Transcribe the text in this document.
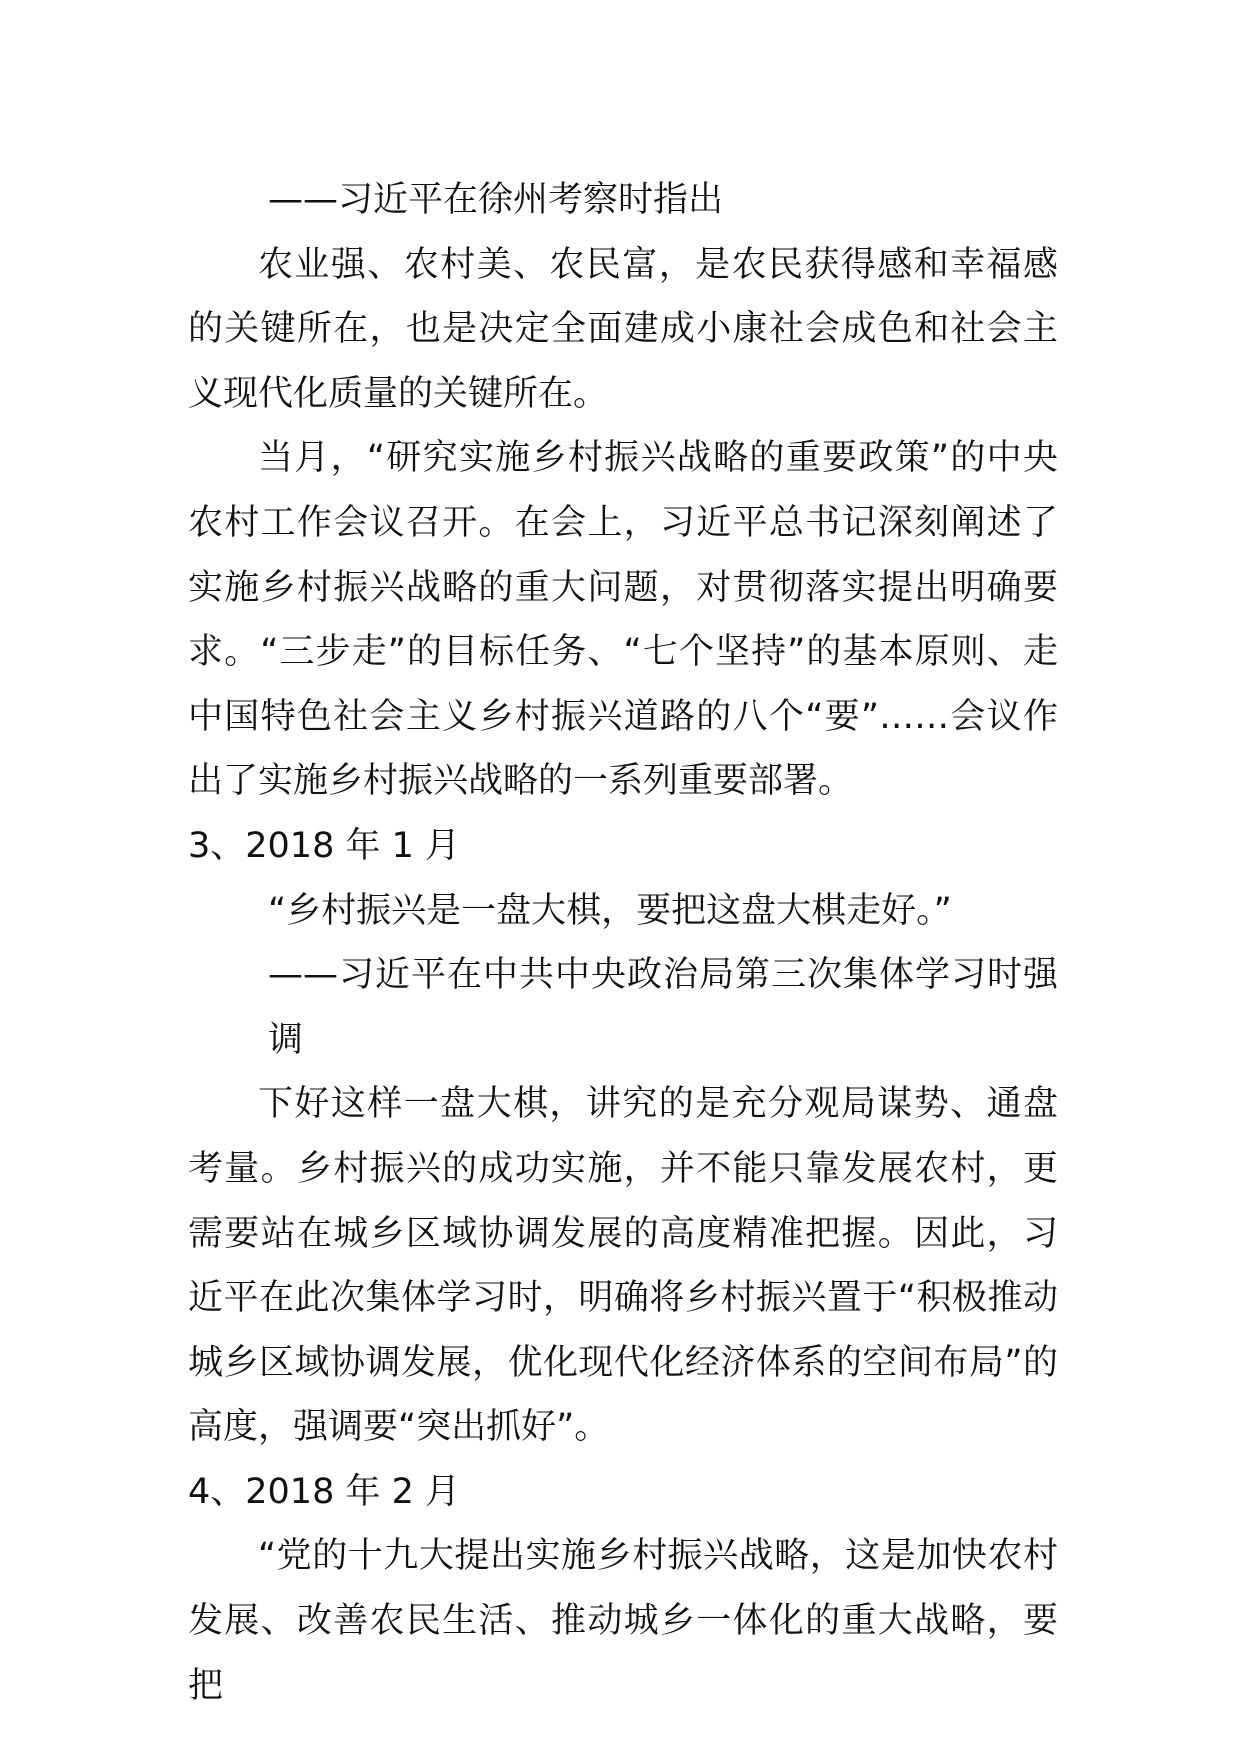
——习近平在徐州考察时指出

农业强、农村美、农民富，是农民获得感和幸福感的关键所在，也是决定全面建成小康社会成色和社会主义现代化质量的关键所在。

当月，“研究实施乡村振兴战略的重要政策”的中央农村工作会议召开。在会上，习近平总书记深刻阐述了实施乡村振兴战略的重大问题，对贯彻落实提出明确要求。“三步走”的目标任务、“七个坚持”的基本原则、走中国特色社会主义乡村振兴道路的八个“要”……会议作出了实施乡村振兴战略的一系列重要部署。

3、2018 年 1 月

“乡村振兴是一盘大棋，要把这盘大棋走好。”

——习近平在中共中央政治局第三次集体学习时强调

下好这样一盘大棋，讲究的是充分观局谋势、通盘考量。乡村振兴的成功实施，并不能只靠发展农村，更需要站在城乡区域协调发展的高度精准把握。因此，习近平在此次集体学习时，明确将乡村振兴置于“积极推动城乡区域协调发展，优化现代化经济体系的空间布局”的高度，强调要“突出抓好”。

4、2018 年 2 月

“党的十九大提出实施乡村振兴战略，这是加快农村发展、改善农民生活、推动城乡一体化的重大战略，要把
